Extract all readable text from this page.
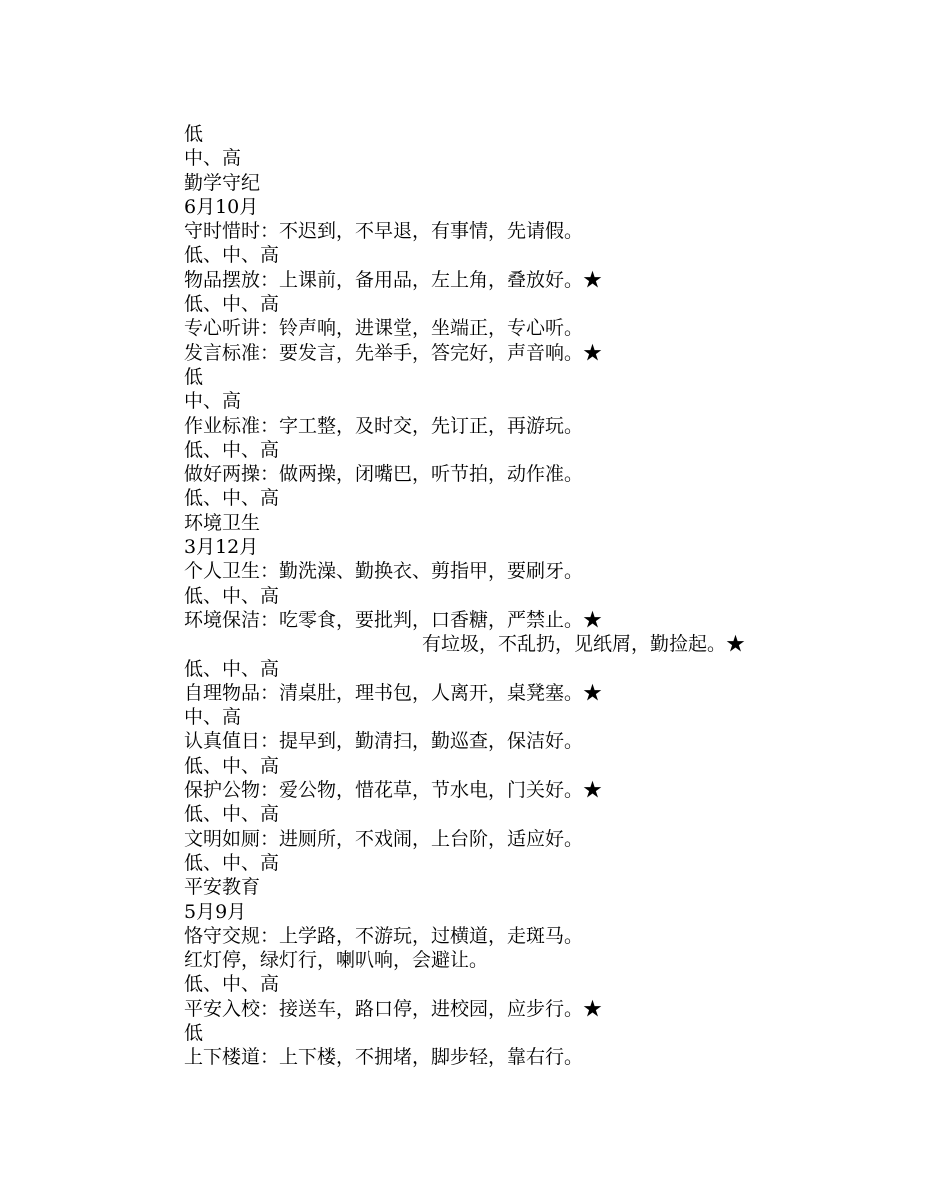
低
中、高
勤学守纪
6月10月
守时惜时：不迟到，不早退，有事情，先请假。
低、中、高
物品摆放：上课前，备用品，左上角，叠放好。★
低、中、高
专心听讲：铃声响，进课堂，坐端正，专心听。
发言标准：要发言，先举手，答完好，声音响。★
低
中、高
作业标准：字工整，及时交，先订正，再游玩。
低、中、高
做好两操：做两操，闭嘴巴，听节拍，动作准。
低、中、高
环境卫生
3月12月
个人卫生：勤洗澡、勤换衣、剪指甲，要刷牙。
低、中、高
环境保洁：吃零食，要批判，口香糖，严禁止。★
有垃圾，不乱扔，见纸屑，勤捡起。★
低、中、高
自理物品：清桌肚，理书包，人离开，桌凳塞。★
中、高
认真值日：提早到，勤清扫，勤巡查，保洁好。
低、中、高
保护公物：爱公物，惜花草，节水电，门关好。★
低、中、高
文明如厕：进厕所，不戏闹，上台阶，适应好。
低、中、高
平安教育
5月9月
恪守交规：上学路，不游玩，过横道，走斑马。
红灯停，绿灯行，喇叭响，会避让。
低、中、高
平安入校：接送车，路口停，进校园，应步行。★
低
上下楼道：上下楼，不拥堵，脚步轻，靠右行。
